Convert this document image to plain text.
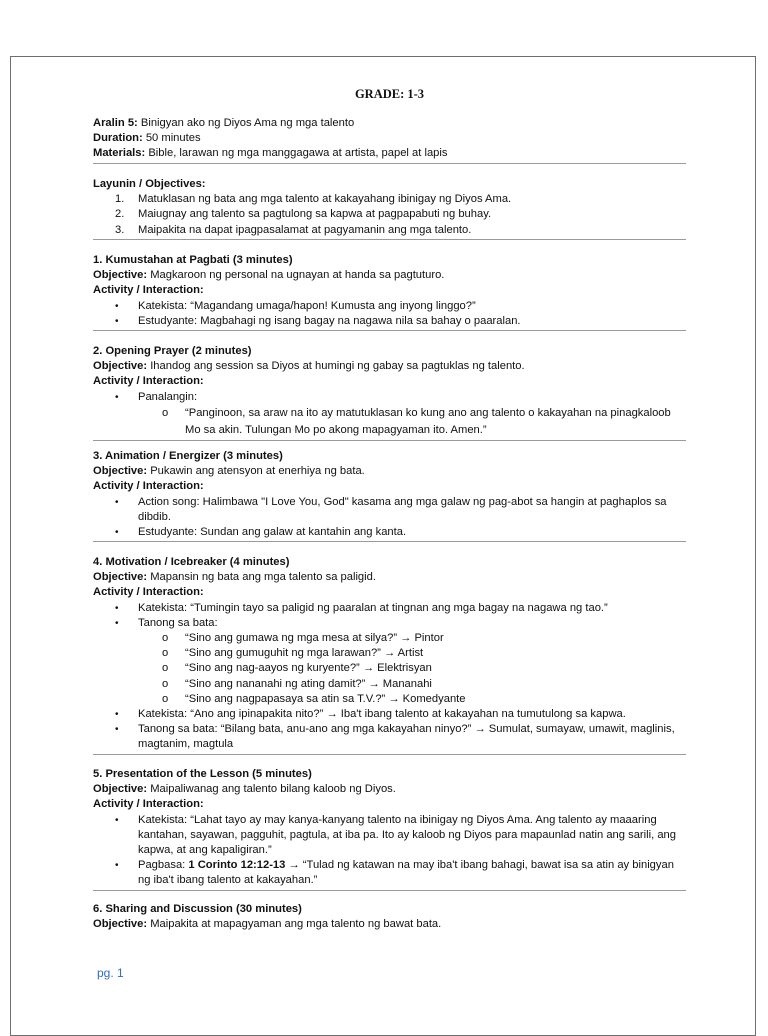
GRADE: 1-3
Aralin 5: Binigyan ako ng Diyos Ama ng mga talento
Duration: 50 minutes
Materials: Bible, larawan ng mga manggagawa at artista, papel at lapis
Layunin / Objectives:
1. Matuklasan ng bata ang mga talento at kakayahang ibinigay ng Diyos Ama.
2. Maiugnay ang talento sa pagtulong sa kapwa at pagpapabuti ng buhay.
3. Maipakita na dapat ipagpasalamat at pagyamanin ang mga talento.
1. Kumustahan at Pagbati (3 minutes)
Objective: Magkaroon ng personal na ugnayan at handa sa pagtuturo.
Activity / Interaction:
• Katekista: “Magandang umaga/hapon! Kumusta ang inyong linggo?”
• Estudyante: Magbahagi ng isang bagay na nagawa nila sa bahay o paaralan.
2. Opening Prayer (2 minutes)
Objective: Ihandog ang session sa Diyos at humingi ng gabay sa pagtuklas ng talento.
Activity / Interaction:
• Panalangin:
o “Panginoon, sa araw na ito ay matutuklasan ko kung ano ang talento o kakayahan na pinagkaloob Mo sa akin. Tulungan Mo po akong mapagyaman ito. Amen.”
3. Animation / Energizer (3 minutes)
Objective: Pukawin ang atensyon at enerhiya ng bata.
Activity / Interaction:
• Action song: Halimbawa "I Love You, God" kasama ang mga galaw ng pag-abot sa hangin at paghaplos sa dibdib.
• Estudyante: Sundan ang galaw at kantahin ang kanta.
4. Motivation / Icebreaker (4 minutes)
Objective: Mapansin ng bata ang mga talento sa paligid.
Activity / Interaction:
• Katekista: “Tumingin tayo sa paligid ng paaralan at tingnan ang mga bagay na nagawa ng tao.”
• Tanong sa bata:
o “Sino ang gumawa ng mga mesa at silya?” → Pintor
o “Sino ang gumuguhit ng mga larawan?” → Artist
o “Sino ang nag-aayos ng kuryente?” → Elektrisyan
o “Sino ang nananahi ng ating damit?” → Mananahi
o “Sino ang nagpapasaya sa atin sa T.V.?” → Komedyante
• Katekista: “Ano ang ipinapakita nito?” → Iba't ibang talento at kakayahan na tumutulong sa kapwa.
• Tanong sa bata: “Bilang bata, anu-ano ang mga kakayahan ninyo?” → Sumulat, sumayaw, umawit, maglinis, magtanim, magtula
5. Presentation of the Lesson (5 minutes)
Objective: Maipaliwanag ang talento bilang kaloob ng Diyos.
Activity / Interaction:
• Katekista: “Lahat tayo ay may kanya-kanyang talento na ibinigay ng Diyos Ama. Ang talento ay maaaring kantahan, sayawan, pagguhit, pagtula, at iba pa. Ito ay kaloob ng Diyos para mapaunlad natin ang sarili, ang kapwa, at ang kapaligiran.”
• Pagbasa: 1 Corinto 12:12-13 → “Tulad ng katawan na may iba't ibang bahagi, bawat isa sa atin ay binigyan ng iba't ibang talento at kakayahan.”
6. Sharing and Discussion (30 minutes)
Objective: Maipakita at mapagyaman ang mga talento ng bawat bata.
pg. 1
